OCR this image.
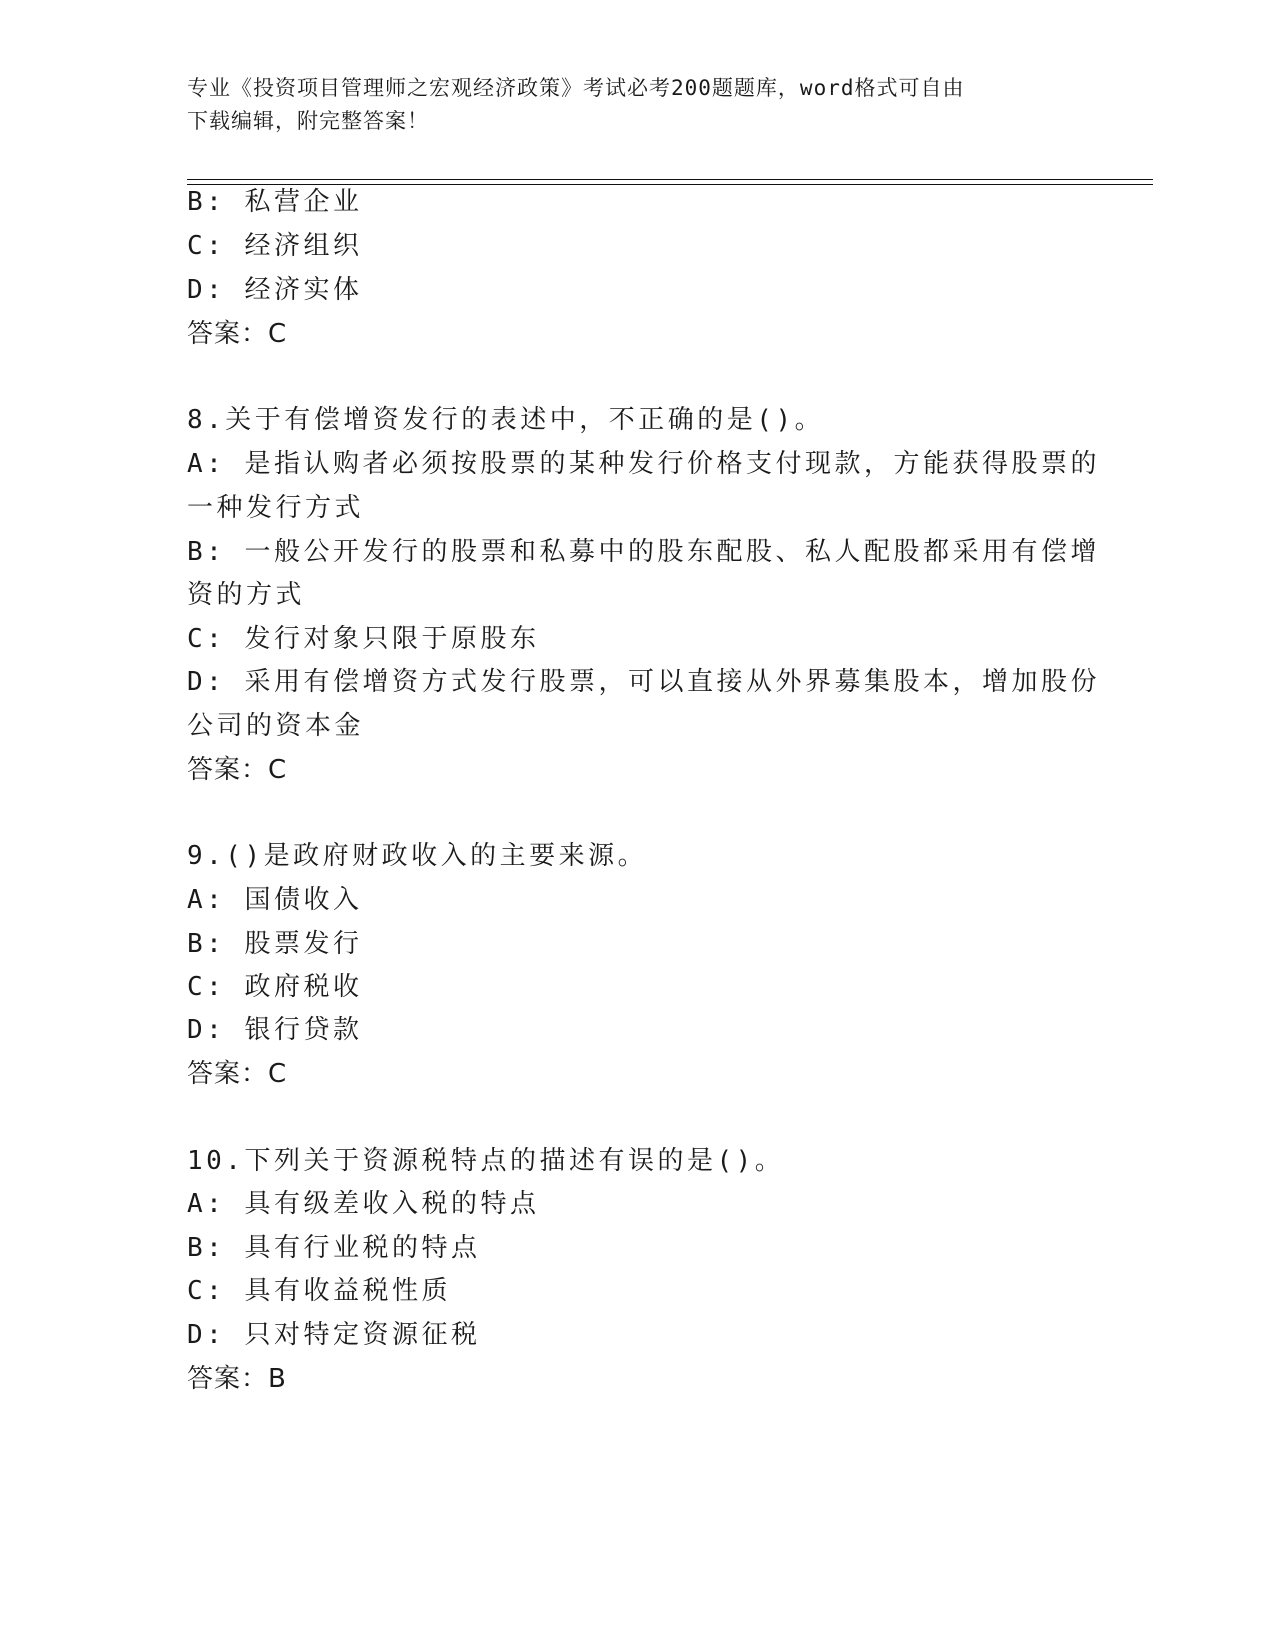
专业《投资项目管理师之宏观经济政策》考试必考200题题库，word格式可自由
下载编辑，附完整答案！
B: 私营企业
C: 经济组织
D: 经济实体
答案：C
8.关于有偿增资发行的表述中，不正确的是()。
A: 是指认购者必须按股票的某种发行价格支付现款，方能获得股票的
一种发行方式
B: 一般公开发行的股票和私募中的股东配股、私人配股都采用有偿增
资的方式
C: 发行对象只限于原股东
D: 采用有偿增资方式发行股票，可以直接从外界募集股本，增加股份
公司的资本金
答案：C
9.()是政府财政收入的主要来源。
A: 国债收入
B: 股票发行
C: 政府税收
D: 银行贷款
答案：C
10.下列关于资源税特点的描述有误的是()。
A: 具有级差收入税的特点
B: 具有行业税的特点
C: 具有收益税性质
D: 只对特定资源征税
答案：B
